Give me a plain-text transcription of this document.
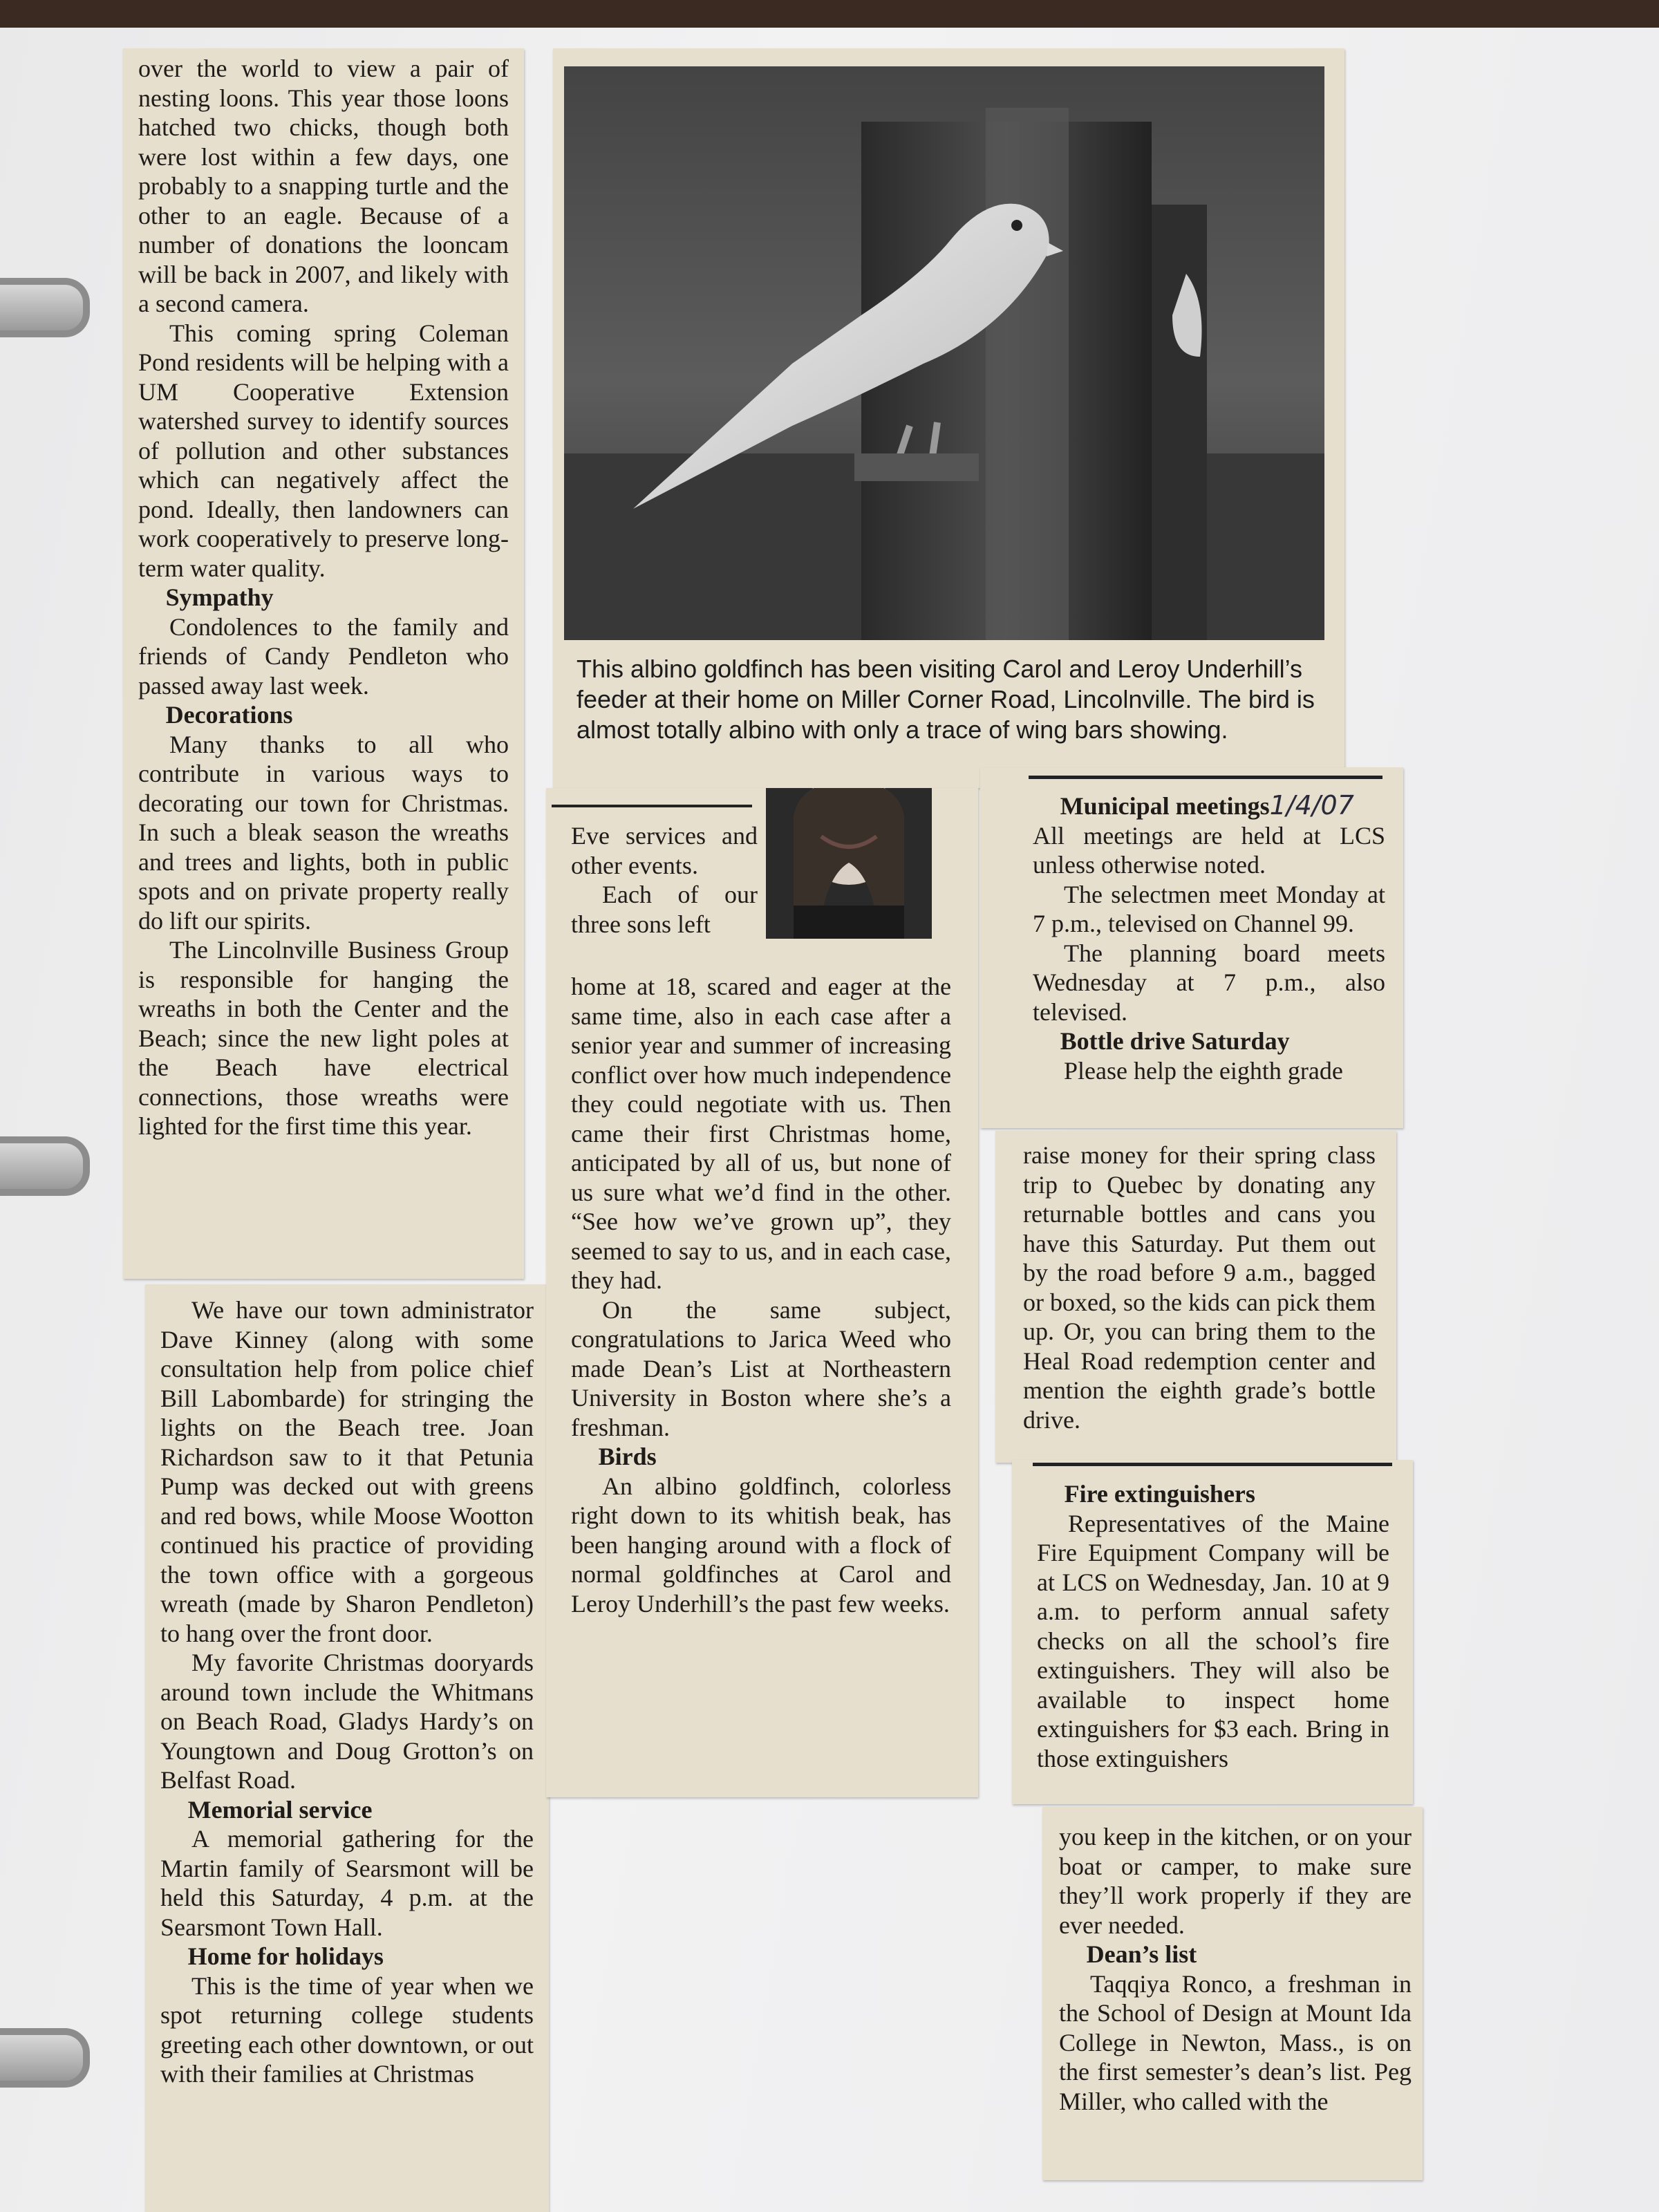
over the world to view a pair of nesting loons. This year those loons hatched two chicks, though both were lost within a few days, one probably to a snapping turtle and the other to an eagle. Because of a number of donations the looncam will be back in 2007, and likely with a second camera.

This coming spring Coleman Pond residents will be helping with a UM Cooperative Extension watershed survey to identify sources of pollution and other substances which can negatively affect the pond. Ideally, then landowners can work cooperatively to preserve long-term water quality.

Sympathy

Condolences to the family and friends of Candy Pendleton who passed away last week.

Decorations

Many thanks to all who contribute in various ways to decorating our town for Christmas. In such a bleak season the wreaths and trees and lights, both in public spots and on private property really do lift our spirits.

The Lincolnville Business Group is responsible for hanging the wreaths in both the Center and the Beach; since the new light poles at the Beach have electrical connections, those wreaths were lighted for the first time this year.

We have our town administrator Dave Kinney (along with some consultation help from police chief Bill Labombarde) for stringing the lights on the Beach tree. Joan Richardson saw to it that Petunia Pump was decked out with greens and red bows, while Moose Wootton continued his practice of providing the town office with a gorgeous wreath (made by Sharon Pendleton) to hang over the front door.

My favorite Christmas dooryards around town include the Whitmans on Beach Road, Gladys Hardy’s on Youngtown and Doug Grotton’s on Belfast Road.

Memorial service

A memorial gathering for the Martin family of Searsmont will be held this Saturday, 4 p.m. at the Searsmont Town Hall.

Home for holidays

This is the time of year when we spot returning college students greeting each other downtown, or out with their families at Christmas

This albino goldfinch has been visiting Carol and Leroy Underhill’s feeder at their home on Miller Corner Road, Lincolnville. The bird is almost totally albino with only a trace of wing bars showing.

Eve services and other events.

Each of our three sons left

home at 18, scared and eager at the same time, also in each case after a senior year and summer of increasing conflict over how much independence they could negotiate with us. Then came their first Christmas home, anticipated by all of us, but none of us sure what we’d find in the other. “See how we’ve grown up”, they seemed to say to us, and in each case, they had.

On the same subject, congratulations to Jarica Weed who made Dean’s List at Northeastern University in Boston where she’s a freshman.

Birds

An albino goldfinch, colorless right down to its whitish beak, has been hanging around with a flock of normal goldfinches at Carol and Leroy Underhill’s the past few weeks.

Municipal meetings1/4/07

All meetings are held at LCS unless otherwise noted.

The selectmen meet Monday at 7 p.m., televised on Channel 99.

The planning board meets Wednesday at 7 p.m., also televised.

Bottle drive Saturday

Please help the eighth grade

raise money for their spring class trip to Quebec by donating any returnable bottles and cans you have this Saturday. Put them out by the road before 9 a.m., bagged or boxed, so the kids can pick them up. Or, you can bring them to the Heal Road redemption center and mention the eighth grade’s bottle drive.

Fire extinguishers

Representatives of the Maine Fire Equipment Company will be at LCS on Wednesday, Jan. 10 at 9 a.m. to perform annual safety checks on all the school’s fire extinguishers. They will also be available to inspect home extinguishers for $3 each. Bring in those extinguishers

you keep in the kitchen, or on your boat or camper, to make sure they’ll work properly if they are ever needed.

Dean’s list

Taqqiya Ronco, a freshman in the School of Design at Mount Ida College in Newton, Mass., is on the first semester’s dean’s list. Peg Miller, who called with the
